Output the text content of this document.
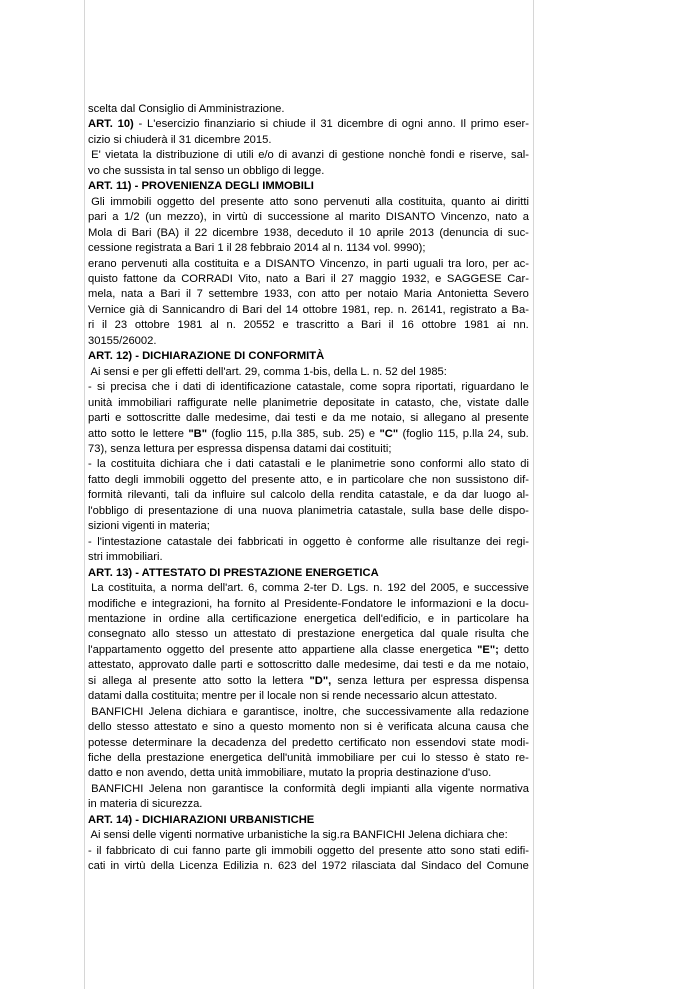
scelta dal Consiglio di Amministrazione.
ART. 10) - L'esercizio finanziario si chiude il 31 dicembre di ogni anno. Il primo eser-
cizio si chiuderà il 31 dicembre 2015.
E' vietata la distribuzione di utili e/o di avanzi di gestione nonchè fondi e riserve, sal-
vo che sussista in tal senso un obbligo di legge.
ART. 11) - PROVENIENZA DEGLI IMMOBILI
Gli immobili oggetto del presente atto sono pervenuti alla costituita, quanto ai diritti
pari a 1/2 (un mezzo), in virtù di successione al marito DISANTO Vincenzo, nato a
Mola di Bari (BA) il 22 dicembre 1938, deceduto il 10 aprile 2013 (denuncia di suc-
cessione registrata a Bari 1 il 28 febbraio 2014 al n. 1134 vol. 9990);
erano pervenuti alla costituita e a DISANTO Vincenzo, in parti uguali tra loro, per ac-
quisto fattone da CORRADI Vito, nato a Bari il 27 maggio 1932, e SAGGESE Car-
mela, nata a Bari il 7 settembre 1933, con atto per notaio Maria Antonietta Severo
Vernice già di Sannicandro di Bari del 14 ottobre 1981, rep. n. 26141, registrato a Ba-
ri il 23 ottobre 1981 al n. 20552 e trascritto a Bari il 16 ottobre 1981 ai nn.
30155/26002.
ART. 12) - DICHIARAZIONE DI CONFORMITÀ
Ai sensi e per gli effetti dell'art. 29, comma 1-bis, della L. n. 52 del 1985:
- si precisa che i dati di identificazione catastale, come sopra riportati, riguardano le
unità immobiliari raffigurate nelle planimetrie depositate in catasto, che, vistate dalle
parti e sottoscritte dalle medesime, dai testi e da me notaio, si allegano al presente
atto sotto le lettere "B" (foglio 115, p.lla 385, sub. 25) e "C" (foglio 115, p.lla 24, sub.
73), senza lettura per espressa dispensa datami dai costituiti;
- la costituita dichiara che i dati catastali e le planimetrie sono conformi allo stato di
fatto degli immobili oggetto del presente atto, e in particolare che non sussistono dif-
formità rilevanti, tali da influire sul calcolo della rendita catastale, e da dar luogo al-
l'obbligo di presentazione di una nuova planimetria catastale, sulla base delle dispo-
sizioni vigenti in materia;
- l'intestazione catastale dei fabbricati in oggetto è conforme alle risultanze dei regi-
stri immobiliari.
ART. 13) - ATTESTATO DI PRESTAZIONE ENERGETICA
La costituita, a norma dell'art. 6, comma 2-ter D. Lgs. n. 192 del 2005, e successive
modifiche e integrazioni, ha fornito al Presidente-Fondatore le informazioni e la docu-
mentazione in ordine alla certificazione energetica dell'edificio, e in particolare ha
consegnato allo stesso un attestato di prestazione energetica dal quale risulta che
l'appartamento oggetto del presente atto appartiene alla classe energetica "E"; detto
attestato, approvato dalle parti e sottoscritto dalle medesime, dai testi e da me notaio,
si allega al presente atto sotto la lettera "D", senza lettura per espressa dispensa
datami dalla costituita; mentre per il locale non si rende necessario alcun attestato.
BANFICHI Jelena dichiara e garantisce, inoltre, che successivamente alla redazione
dello stesso attestato e sino a questo momento non si è verificata alcuna causa che
potesse determinare la decadenza del predetto certificato non essendovi state modi-
fiche della prestazione energetica dell'unità immobiliare per cui lo stesso è stato re-
datto e non avendo, detta unità immobiliare, mutato la propria destinazione d'uso.
BANFICHI Jelena non garantisce la conformità degli impianti alla vigente normativa
in materia di sicurezza.
ART. 14) - DICHIARAZIONI URBANISTICHE
Ai sensi delle vigenti normative urbanistiche la sig.ra BANFICHI Jelena dichiara che:
- il fabbricato di cui fanno parte gli immobili oggetto del presente atto sono stati edifi-
cati in virtù della Licenza Edilizia n. 623 del 1972 rilasciata dal Sindaco del Comune
